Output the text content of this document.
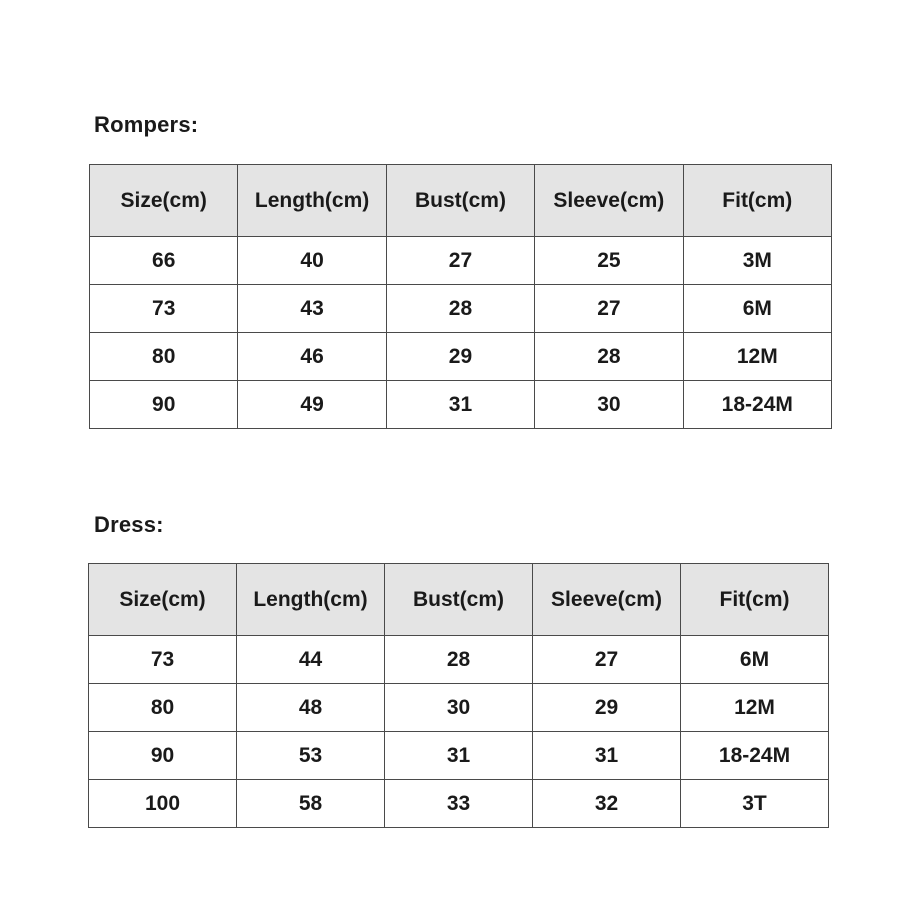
Rompers:
Size(cm)	Length(cm)	Bust(cm)	Sleeve(cm)	Fit(cm)
66	40	27	25	3M
73	43	28	27	6M
80	46	29	28	12M
90	49	31	30	18-24M
Dress:
Size(cm)	Length(cm)	Bust(cm)	Sleeve(cm)	Fit(cm)
73	44	28	27	6M
80	48	30	29	12M
90	53	31	31	18-24M
100	58	33	32	3T
